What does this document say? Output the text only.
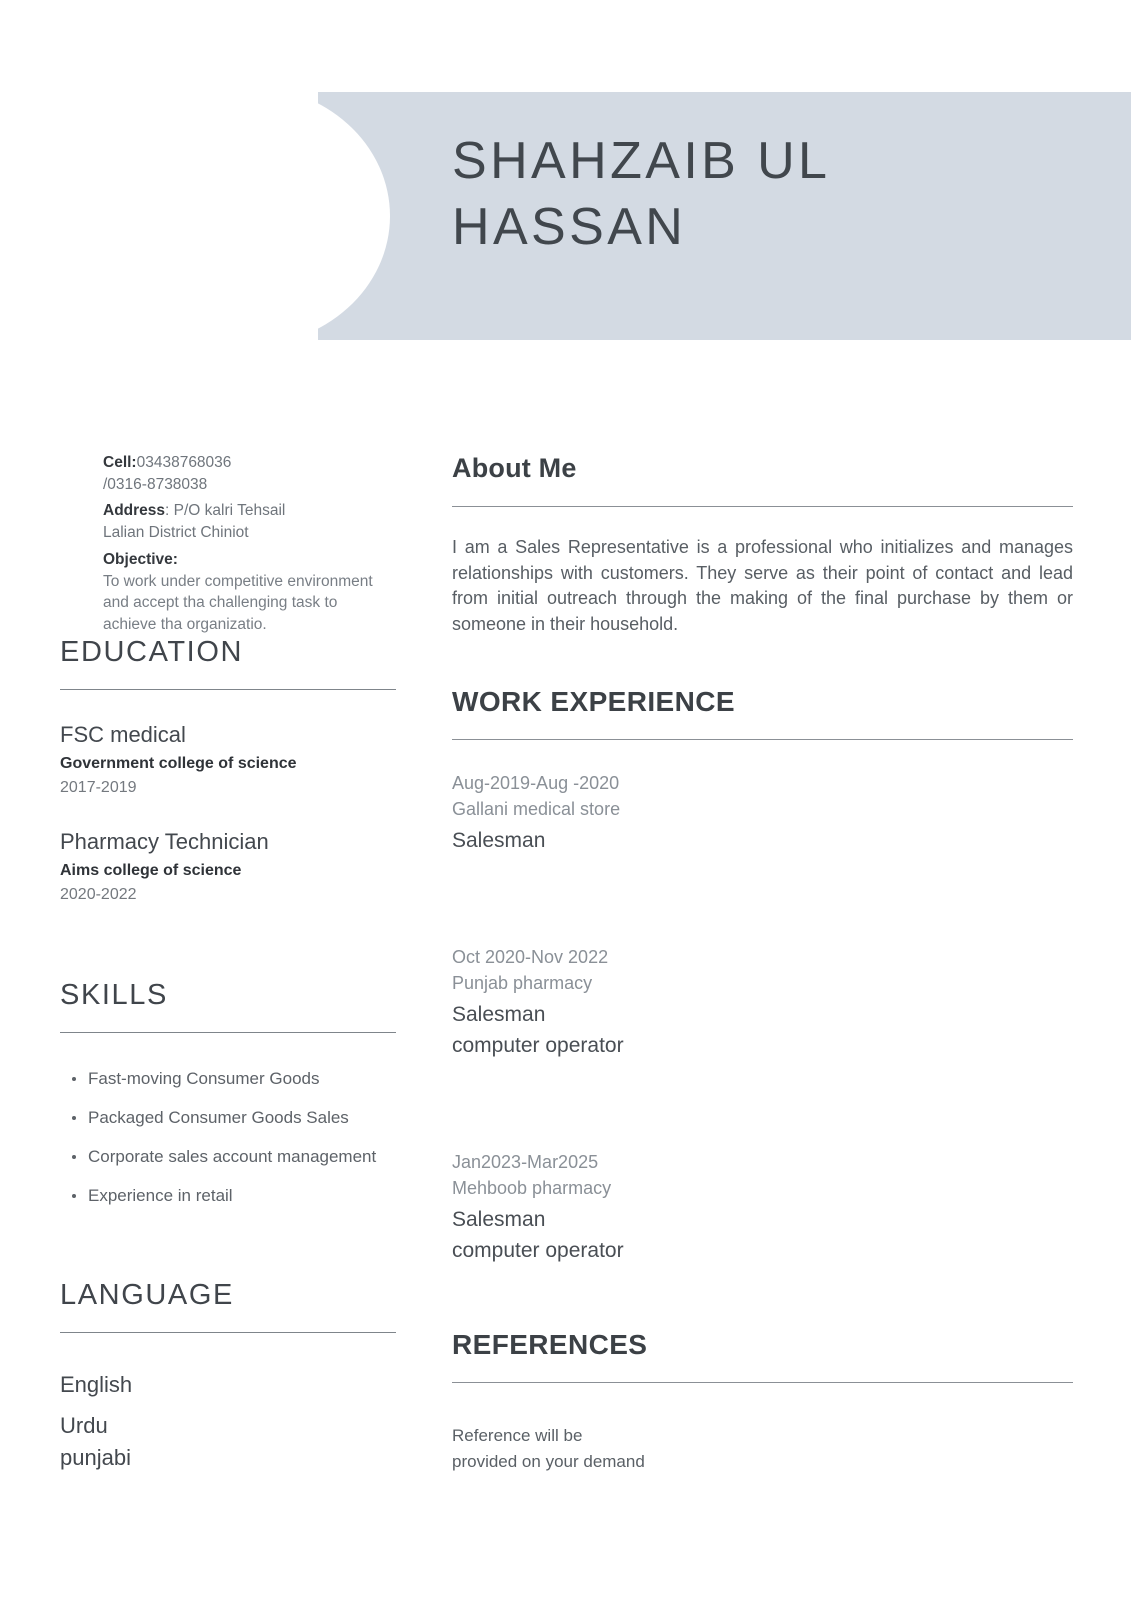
SHAHZAIB UL HASSAN
Cell:03438768036
/0316-8738038
Address: P/O kalri Tehsail
Lalian District Chiniot
Objective:
To work under competitive environment and accept tha challenging task to achieve tha organizatio.
EDUCATION
FSC medical
Government college of science
2017-2019
Pharmacy Technician
Aims college of science
2020-2022
SKILLS
Fast-moving Consumer Goods
Packaged Consumer Goods Sales
Corporate sales account management
Experience in retail
LANGUAGE
English
Urdu
punjabi
About Me

I am a Sales Representative is a professional who initializes and manages relationships with customers. They serve as their point of contact and lead from initial outreach through the making of the final purchase by them or someone in their household.

WORK EXPERIENCE
Aug-2019-Aug -2020
Gallani medical store
Salesman
Oct 2020-Nov 2022
Punjab pharmacy
Salesman
computer operator
Jan2023-Mar2025
Mehboob pharmacy
Salesman
computer operator
REFERENCES

Reference will be provided on your demand
